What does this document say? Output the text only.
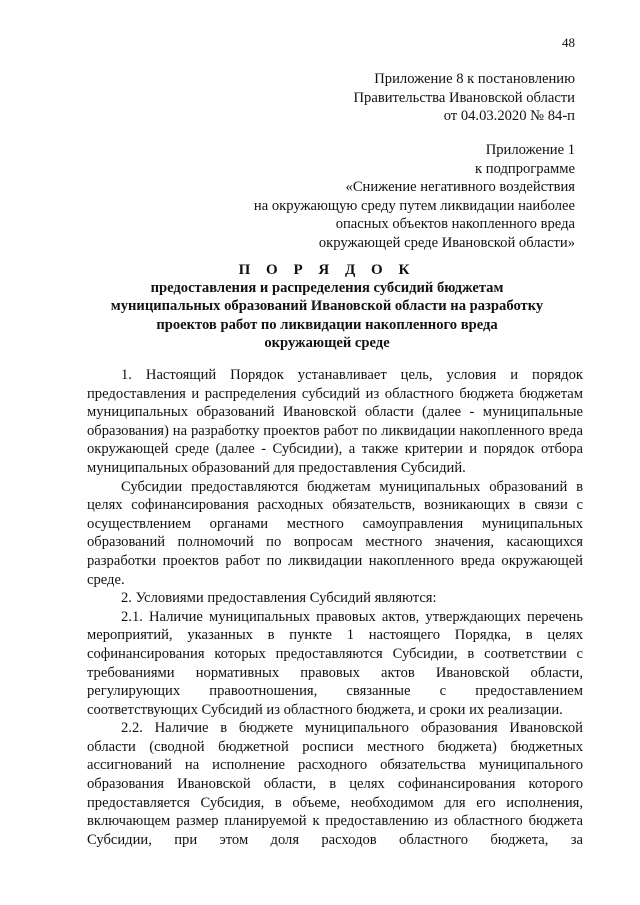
48
Приложение 8 к постановлению
Правительства Ивановской области
от 04.03.2020 № 84-п
Приложение 1
к подпрограмме
«Снижение негативного воздействия
на окружающую среду путем ликвидации наиболее
опасных объектов накопленного вреда
окружающей среде Ивановской области»
П О Р Я Д О К
предоставления и распределения субсидий бюджетам
муниципальных образований Ивановской области на разработку
проектов работ по ликвидации накопленного вреда
окружающей среде

1. Настоящий Порядок устанавливает цель, условия и порядок предоставления и распределения субсидий из областного бюджета бюджетам муниципальных образований Ивановской области (далее - муниципальные образования) на разработку проектов работ по ликвидации накопленного вреда окружающей среде (далее - Субсидии), а также критерии и порядок отбора муниципальных образований для предоставления Субсидий.

Субсидии предоставляются бюджетам муниципальных образований в целях софинансирования расходных обязательств, возникающих в связи с осуществлением органами местного самоуправления муниципальных образований полномочий по вопросам местного значения, касающихся разработки проектов работ по ликвидации накопленного вреда окружающей среде.

2. Условиями предоставления Субсидий являются:

2.1. Наличие муниципальных правовых актов, утверждающих перечень мероприятий, указанных в пункте 1 настоящего Порядка, в целях софинансирования которых предоставляются Субсидии, в соответствии с требованиями нормативных правовых актов Ивановской области, регулирующих правоотношения, связанные с предоставлением соответствующих Субсидий из областного бюджета, и сроки их реализации.

2.2. Наличие в бюджете муниципального образования Ивановской области (сводной бюджетной росписи местного бюджета) бюджетных ассигнований на исполнение расходного обязательства муниципального образования Ивановской области, в целях софинансирования которого предоставляется Субсидия, в объеме, необходимом для его исполнения, включающем размер планируемой к предоставлению из областного бюджета Субсидии, при этом доля расходов областного бюджета, за
